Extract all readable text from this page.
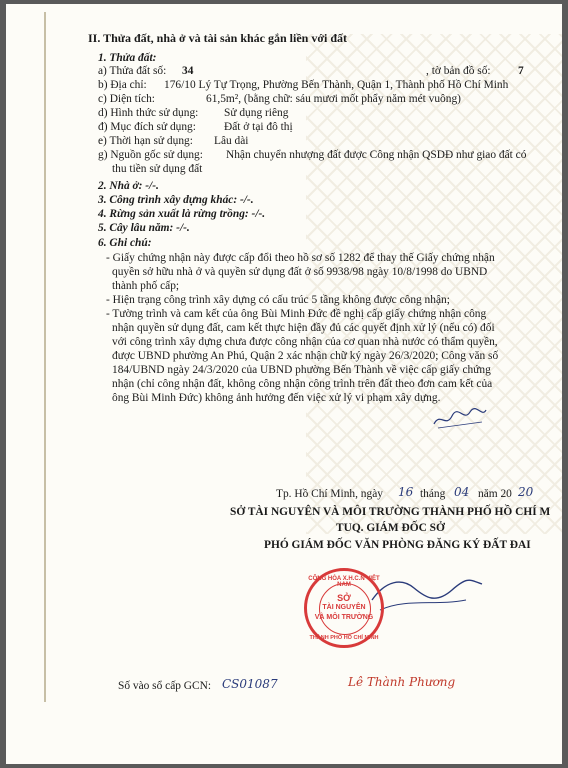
II. Thửa đất, nhà ở và tài sản khác gắn liền với đất
1. Thửa đất:
a) Thửa đất số: 34	, tờ bản đồ số: 7
b) Địa chỉ: 176/10 Lý Tự Trọng, Phường Bến Thành, Quận 1, Thành phố Hồ Chí Minh
c) Diện tích:	61,5m², (bằng chữ: sáu mươi mốt phẩy năm mét vuông)
d) Hình thức sử dụng: Sử dụng riêng
đ) Mục đích sử dụng: Đất ở tại đô thị
e) Thời hạn sử dụng: Lâu dài
g) Nguồn gốc sử dụng: Nhận chuyển nhượng đất được Công nhận QSDĐ như giao đất có
thu tiền sử dụng đất
2. Nhà ở: -/-.
3. Công trình xây dựng khác: -/-.
4. Rừng sản xuất là rừng trồng: -/-.
5. Cây lâu năm: -/-.
6. Ghi chú:
- Giấy chứng nhận này được cấp đổi theo hồ sơ số 1282 để thay thế Giấy chứng nhận
quyền sở hữu nhà ở và quyền sử dụng đất ở số 9938/98 ngày 10/8/1998 do UBND
thành phố cấp;
- Hiện trạng công trình xây dựng có cấu trúc 5 tầng không được công nhận;
- Tường trình và cam kết của ông Bùi Minh Đức đề nghị cấp giấy chứng nhận công
nhận quyền sử dụng đất, cam kết thực hiện đầy đủ các quyết định xử lý (nếu có) đối
với công trình xây dựng chưa được công nhận của cơ quan nhà nước có thẩm quyền,
được UBND phường An Phú, Quận 2 xác nhận chữ ký ngày 26/3/2020; Công văn số
184/UBND ngày 24/3/2020 của UBND phường Bến Thành về việc cấp giấy chứng
nhận (chỉ công nhận đất, không công nhận công trình trên đất theo đơn cam kết của
ông Bùi Minh Đức) không ảnh hưởng đến việc xử lý vi phạm xây dựng.
Tp. Hồ Chí Minh, ngày 16 tháng 04 năm 20 20
SỞ TÀI NGUYÊN VÀ MÔI TRƯỜNG THÀNH PHỐ HỒ CHÍ M
TUQ. GIÁM ĐỐC SỞ
PHÓ GIÁM ĐỐC VĂN PHÒNG ĐĂNG KÝ ĐẤT ĐAI
CỘNG HÒA X.H.C.N VIỆT NAM
SỞ
TÀI NGUYÊN
VÀ MÔI TRƯỜNG
THÀNH PHỐ HỒ CHÍ MINH
Số vào sổ cấp GCN: CS01087	Lê Thành Phương
